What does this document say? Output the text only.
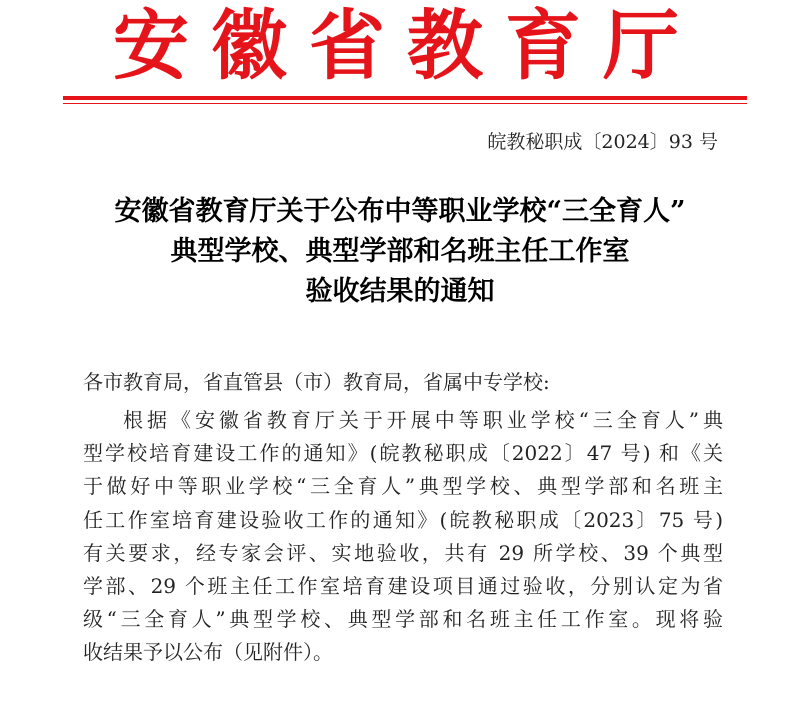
安徽省教育厅
皖教秘职成〔2024〕93 号
安徽省教育厅关于公布中等职业学校“三全育人”
典型学校、典型学部和名班主任工作室
验收结果的通知
各市教育局，省直管县（市）教育局，省属中专学校:
根据《安徽省教育厅关于开展中等职业学校“三全育人”典
型学校培育建设工作的通知》(皖教秘职成〔2022〕47 号) 和《关
于做好中等职业学校“三全育人”典型学校、典型学部和名班主
任工作室培育建设验收工作的通知》(皖教秘职成〔2023〕75 号)
有关要求，经专家会评、实地验收，共有 29 所学校、39 个典型
学部、29 个班主任工作室培育建设项目通过验收，分别认定为省
级“三全育人”典型学校、典型学部和名班主任工作室。现将验
收结果予以公布（见附件）。
